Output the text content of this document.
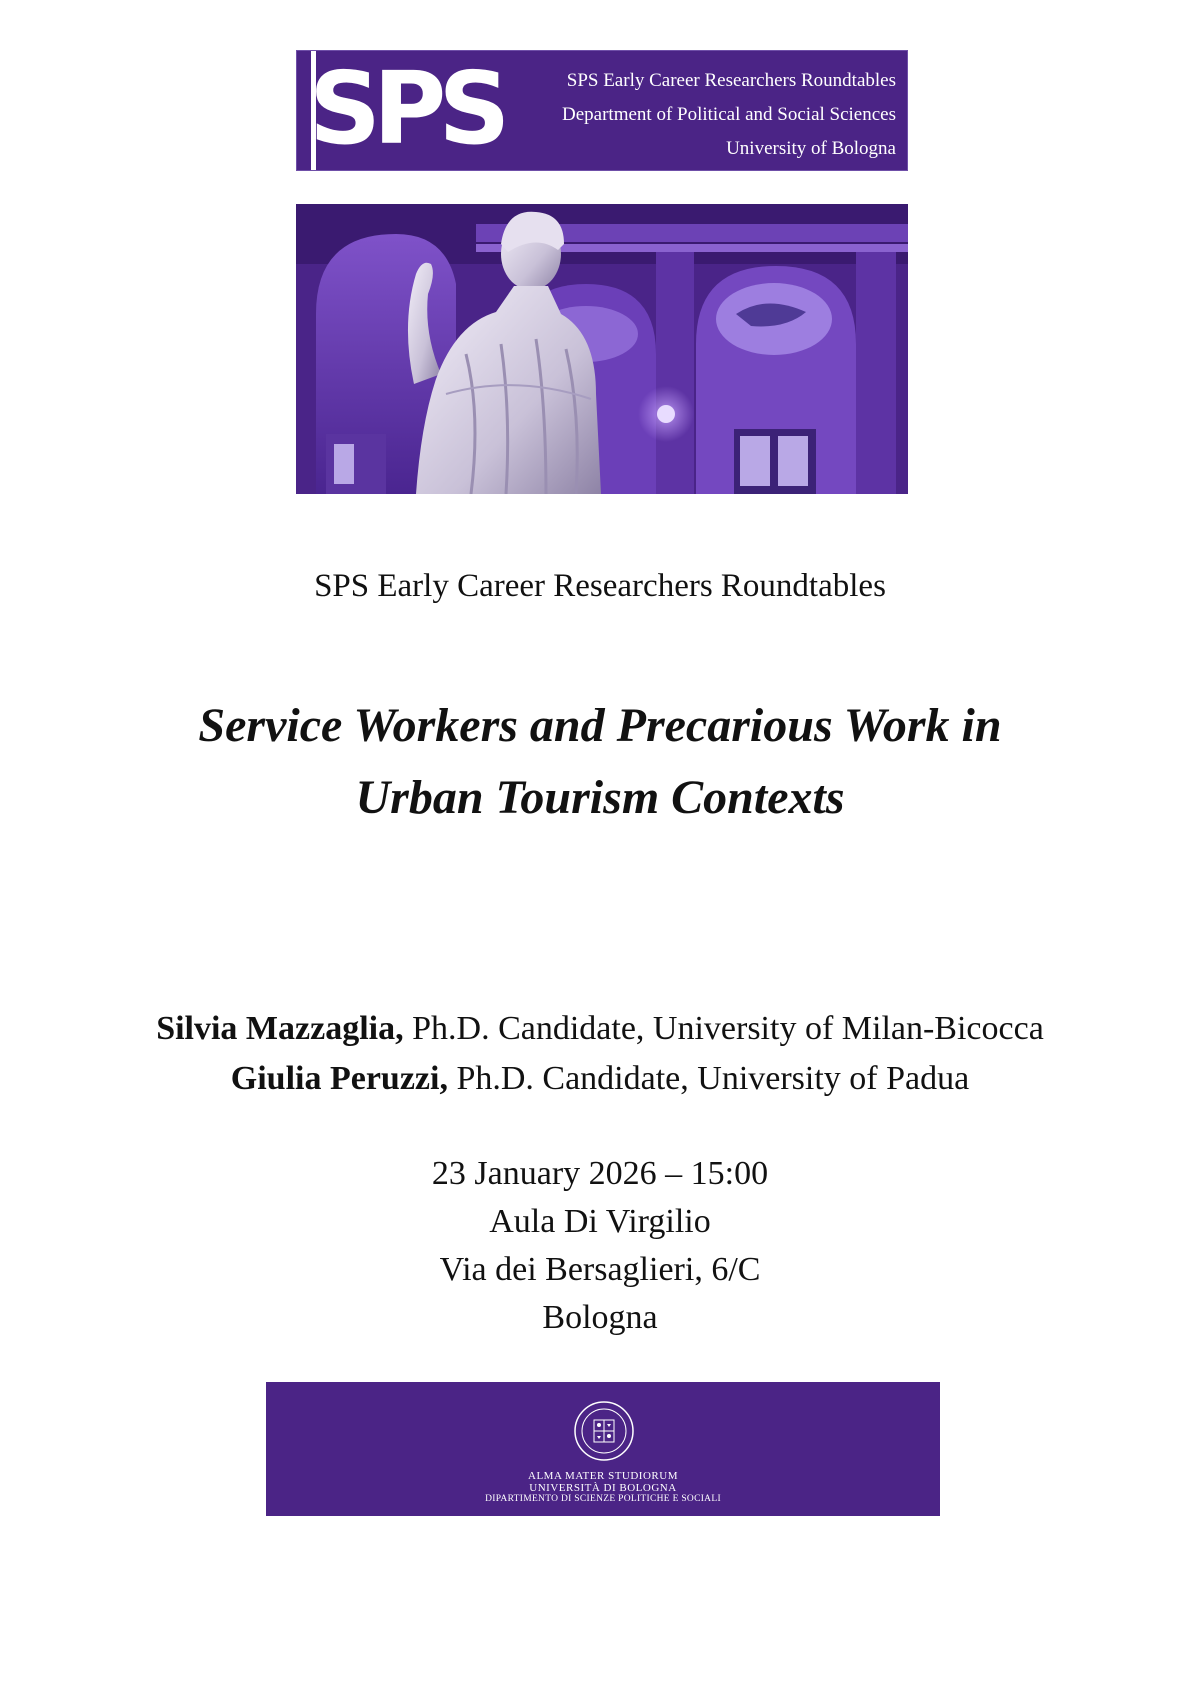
SPS	SPS Early Career Researchers Roundtables
Department of Political and Social Sciences
University of Bologna
SPS Early Career Researchers Roundtables
Service Workers and Precarious Work in
Urban Tourism Contexts
Silvia Mazzaglia, Ph.D. Candidate, University of Milan-Bicocca
Giulia Peruzzi, Ph.D. Candidate, University of Padua
23 January 2026 – 15:00
Aula Di Virgilio
Via dei Bersaglieri, 6/C
Bologna
ALMA MATER STUDIORUM
UNIVERSITÀ DI BOLOGNA
DIPARTIMENTO DI SCIENZE POLITICHE E SOCIALI
